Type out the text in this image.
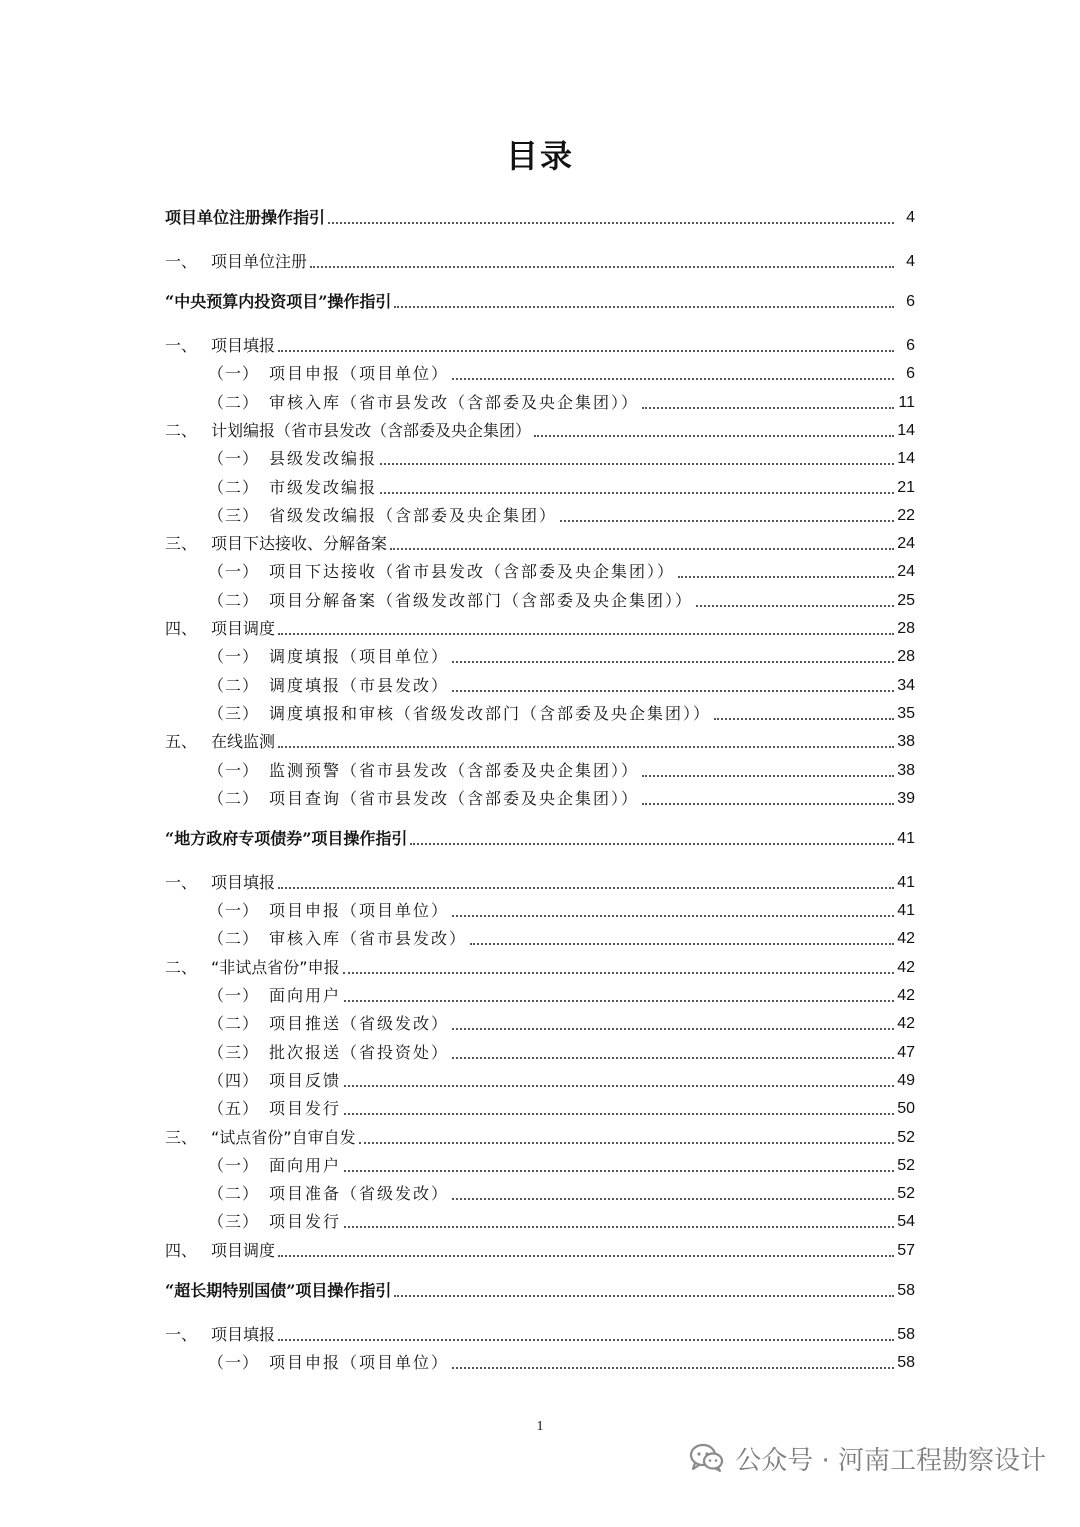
目录
项目单位注册操作指引	4
一、 项目单位注册	4
“中央预算内投资项目”操作指引	6
一、 项目填报	6
（一） 项目申报（项目单位）	6
（二） 审核入库（省市县发改（含部委及央企集团））	11
二、 计划编报（省市县发改（含部委及央企集团）	14
（一） 县级发改编报	14
（二） 市级发改编报	21
（三） 省级发改编报（含部委及央企集团）	22
三、 项目下达接收、分解备案	24
（一） 项目下达接收（省市县发改（含部委及央企集团））	24
（二） 项目分解备案（省级发改部门（含部委及央企集团））	25
四、 项目调度	28
（一） 调度填报（项目单位）	28
（二） 调度填报（市县发改）	34
（三） 调度填报和审核（省级发改部门（含部委及央企集团））	35
五、 在线监测	38
（一） 监测预警（省市县发改（含部委及央企集团））	38
（二） 项目查询（省市县发改（含部委及央企集团））	39
“地方政府专项债券”项目操作指引	41
一、 项目填报	41
（一） 项目申报（项目单位）	41
（二） 审核入库（省市县发改）	42
二、 “非试点省份”申报	42
（一） 面向用户	42
（二） 项目推送（省级发改）	42
（三） 批次报送（省投资处）	47
（四） 项目反馈	49
（五） 项目发行	50
三、 “试点省份”自审自发	52
（一） 面向用户	52
（二） 项目准备（省级发改）	52
（三） 项目发行	54
四、 项目调度	57
“超长期特别国债”项目操作指引	58
一、 项目填报	58
（一） 项目申报（项目单位）	58
1
公众号 · 河南工程勘察设计
